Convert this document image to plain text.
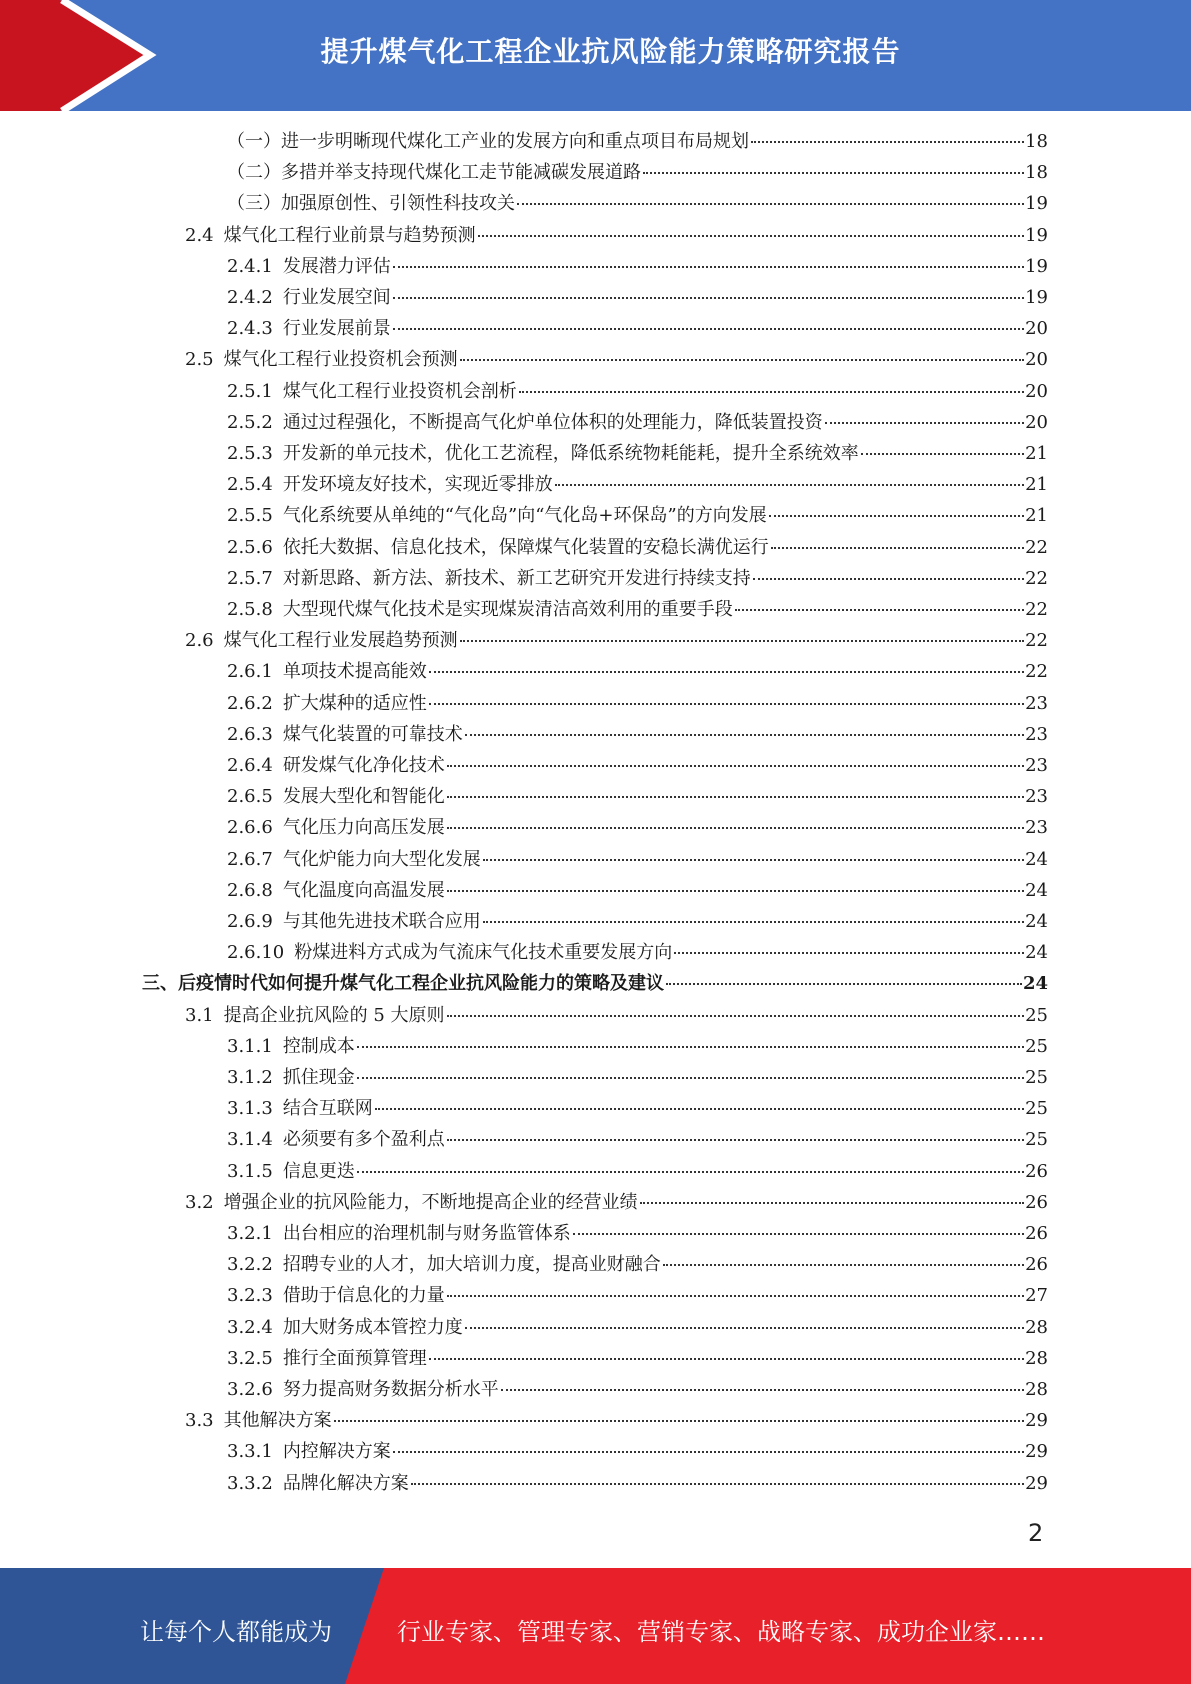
提升煤气化工程企业抗风险能力策略研究报告
（一）进一步明晰现代煤化工产业的发展方向和重点项目布局规划	18
（二）多措并举支持现代煤化工走节能减碳发展道路	18
（三）加强原创性、引领性科技攻关	19
2.4 煤气化工程行业前景与趋势预测	19
2.4.1 发展潜力评估	19
2.4.2 行业发展空间	19
2.4.3 行业发展前景	20
2.5 煤气化工程行业投资机会预测	20
2.5.1 煤气化工程行业投资机会剖析	20
2.5.2 通过过程强化，不断提高气化炉单位体积的处理能力，降低装置投资	20
2.5.3 开发新的单元技术，优化工艺流程，降低系统物耗能耗，提升全系统效率	21
2.5.4 开发环境友好技术，实现近零排放	21
2.5.5 气化系统要从单纯的“气化岛”向“气化岛+环保岛”的方向发展	21
2.5.6 依托大数据、信息化技术，保障煤气化装置的安稳长满优运行	22
2.5.7 对新思路、新方法、新技术、新工艺研究开发进行持续支持	22
2.5.8 大型现代煤气化技术是实现煤炭清洁高效利用的重要手段	22
2.6 煤气化工程行业发展趋势预测	22
2.6.1 单项技术提高能效	22
2.6.2 扩大煤种的适应性	23
2.6.3 煤气化装置的可靠技术	23
2.6.4 研发煤气化净化技术	23
2.6.5 发展大型化和智能化	23
2.6.6 气化压力向高压发展	23
2.6.7 气化炉能力向大型化发展	24
2.6.8 气化温度向高温发展	24
2.6.9 与其他先进技术联合应用	24
2.6.10 粉煤进料方式成为气流床气化技术重要发展方向	24
三、后疫情时代如何提升煤气化工程企业抗风险能力的策略及建议	24
3.1 提高企业抗风险的 5 大原则	25
3.1.1 控制成本	25
3.1.2 抓住现金	25
3.1.3 结合互联网	25
3.1.4 必须要有多个盈利点	25
3.1.5 信息更迭	26
3.2 增强企业的抗风险能力，不断地提高企业的经营业绩	26
3.2.1 出台相应的治理机制与财务监管体系	26
3.2.2 招聘专业的人才，加大培训力度，提高业财融合	26
3.2.3 借助于信息化的力量	27
3.2.4 加大财务成本管控力度	28
3.2.5 推行全面预算管理	28
3.2.6 努力提高财务数据分析水平	28
3.3 其他解决方案	29
3.3.1 内控解决方案	29
3.3.2 品牌化解决方案	29
2
让每个人都能成为	行业专家、管理专家、营销专家、战略专家、成功企业家……
